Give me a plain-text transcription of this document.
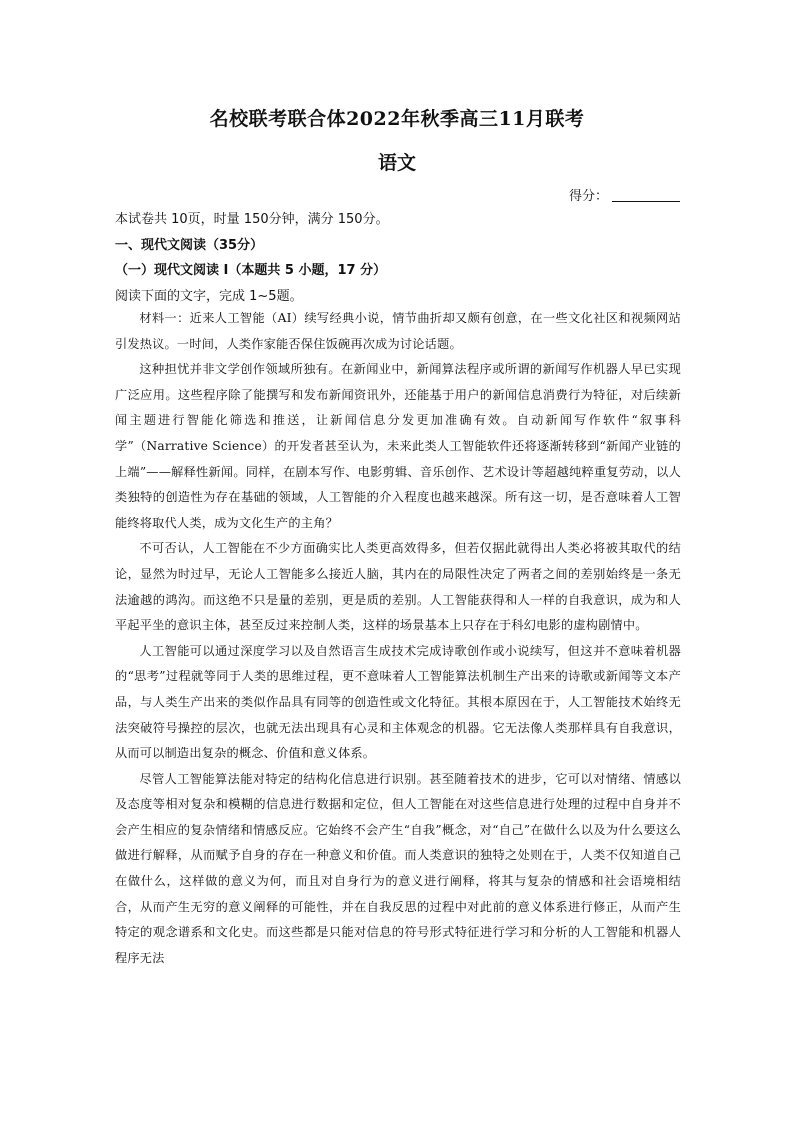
名校联考联合体2022年秋季高三11月联考
语文
得分：
本试卷共 10页，时量 150分钟，满分 150分。
一、现代文阅读（35分）
（一）现代文阅读 I（本题共 5 小题，17 分）
阅读下面的文字，完成 1~5题。

材料一：近来人工智能（AI）续写经典小说，情节曲折却又颇有创意，在一些文化社区和视频网站引发热议。一时间，人类作家能否保住饭碗再次成为讨论话题。

这种担忧并非文学创作领域所独有。在新闻业中，新闻算法程序或所谓的新闻写作机器人早已实现广泛应用。这些程序除了能撰写和发布新闻资讯外，还能基于用户的新闻信息消费行为特征，对后续新闻主题进行智能化筛选和推送，让新闻信息分发更加准确有效。自动新闻写作软件“叙事科学”（Narrative Science）的开发者甚至认为，未来此类人工智能软件还将逐渐转移到“新闻产业链的上端”——解释性新闻。同样，在剧本写作、电影剪辑、音乐创作、艺术设计等超越纯粹重复劳动，以人类独特的创造性为存在基础的领域，人工智能的介入程度也越来越深。所有这一切，是否意味着人工智能终将取代人类，成为文化生产的主角？

不可否认，人工智能在不少方面确实比人类更高效得多，但若仅据此就得出人类必将被其取代的结论，显然为时过早，无论人工智能多么接近人脑，其内在的局限性决定了两者之间的差别始终是一条无法逾越的鸿沟。而这绝不只是量的差别，更是质的差别。人工智能获得和人一样的自我意识，成为和人平起平坐的意识主体，甚至反过来控制人类，这样的场景基本上只存在于科幻电影的虚构剧情中。

人工智能可以通过深度学习以及自然语言生成技术完成诗歌创作或小说续写，但这并不意味着机器的“思考”过程就等同于人类的思维过程，更不意味着人工智能算法机制生产出来的诗歌或新闻等文本产品，与人类生产出来的类似作品具有同等的创造性或文化特征。其根本原因在于，人工智能技术始终无法突破符号操控的层次，也就无法出现具有心灵和主体观念的机器。它无法像人类那样具有自我意识，从而可以制造出复杂的概念、价值和意义体系。

尽管人工智能算法能对特定的结构化信息进行识别。甚至随着技术的进步，它可以对情绪、情感以及态度等相对复杂和模糊的信息进行数据和定位，但人工智能在对这些信息进行处理的过程中自身并不会产生相应的复杂情绪和情感反应。它始终不会产生“自我”概念，对“自己”在做什么以及为什么要这么做进行解释，从而赋予自身的存在一种意义和价值。而人类意识的独特之处则在于，人类不仅知道自己在做什么，这样做的意义为何，而且对自身行为的意义进行阐释，将其与复杂的情感和社会语境相结合，从而产生无穷的意义阐释的可能性，并在自我反思的过程中对此前的意义体系进行修正，从而产生特定的观念谱系和文化史。而这些都是只能对信息的符号形式特征进行学习和分析的人工智能和机器人程序无法
